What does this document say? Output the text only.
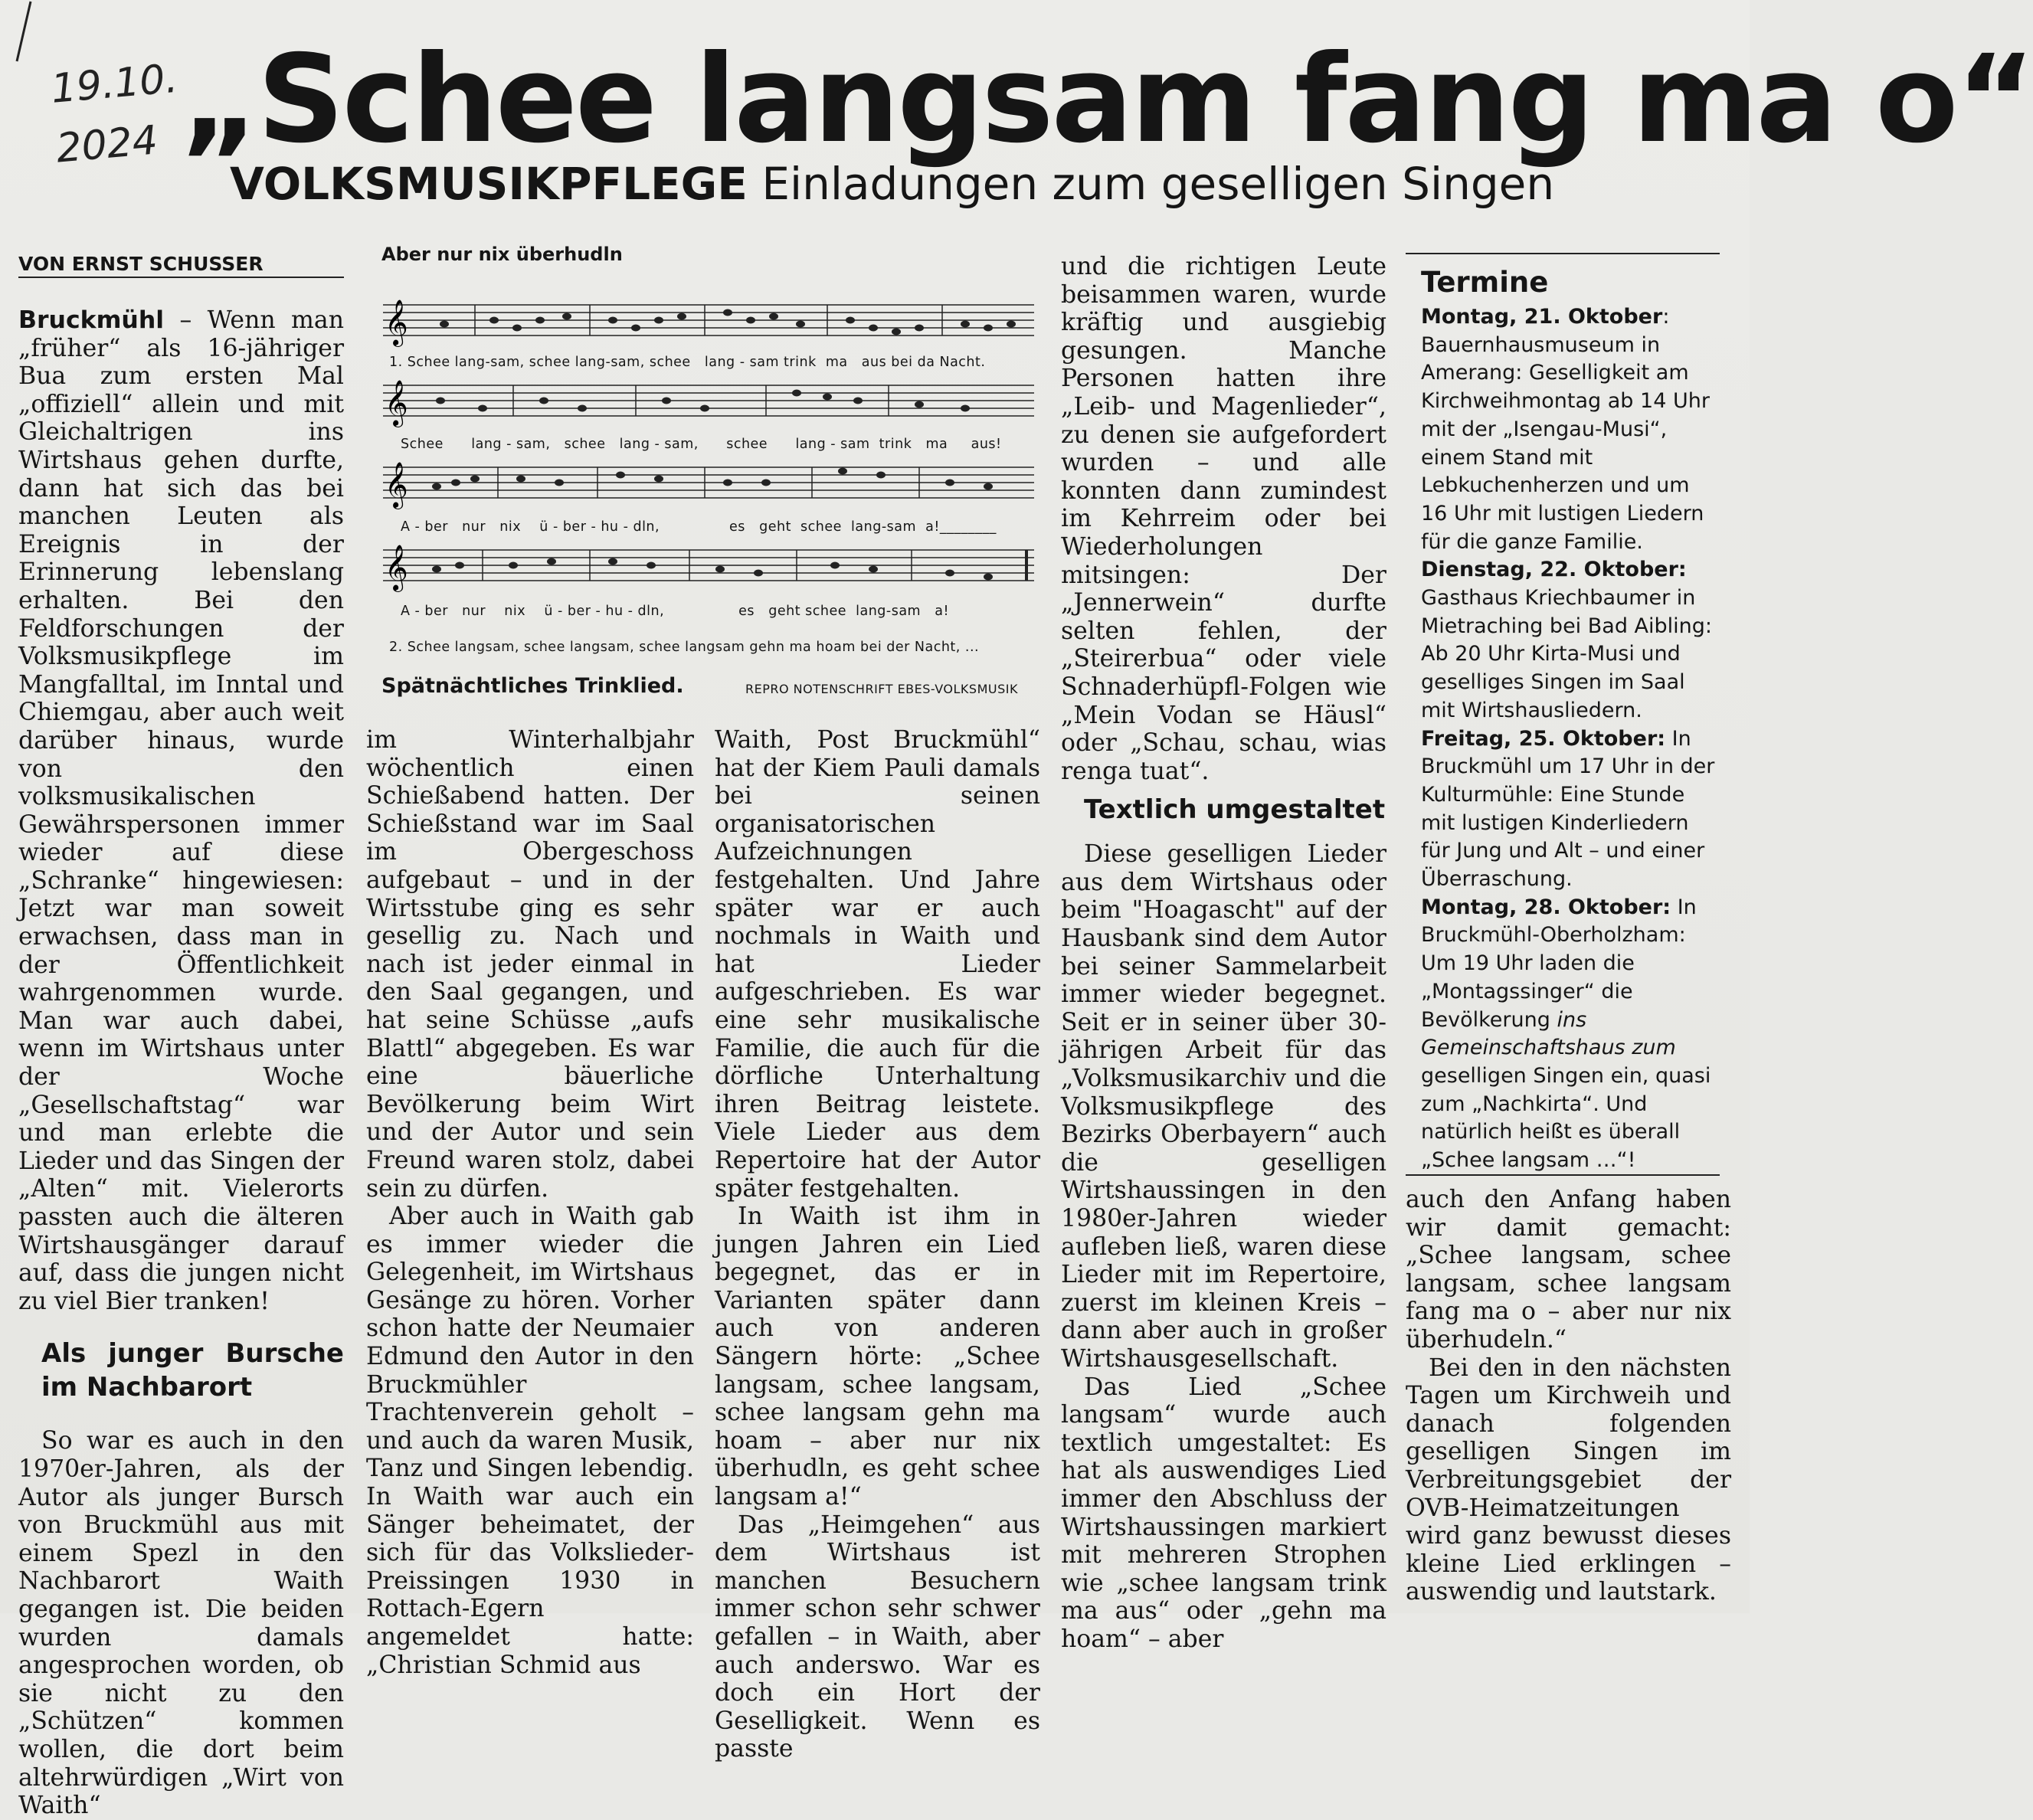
19.10.
2024 „Schee langsam fang ma o“
VOLKSMUSIKPFLEGE Einladungen zum geselligen Singen
VON ERNST SCHUSSER

Bruckmühl – Wenn man „früher“ als 16-jähriger Bua zum ersten Mal „offiziell“ allein und mit Gleichaltrigen ins Wirtshaus gehen durfte, dann hat sich das bei manchen Leuten als Ereignis in der Erinnerung lebenslang erhalten. Bei den Feldforschungen der Volksmusikpflege im Mangfalltal, im Inntal und Chiemgau, aber auch weit darüber hinaus, wurde von den volksmusikalischen Gewährspersonen immer wieder auf diese „Schranke“ hingewiesen: Jetzt war man soweit erwachsen, dass man in der Öffentlichkeit wahrgenommen wurde. Man war auch dabei, wenn im Wirtshaus unter der Woche „Gesellschaftstag“ war und man erlebte die Lieder und das Singen der „Alten“ mit. Vielerorts passten auch die älteren Wirtshausgänger darauf auf, dass die jungen nicht zu viel Bier tranken!

Als junger Bursche im Nachbarort

So war es auch in den 1970er-Jahren, als der Autor als junger Bursch von Bruckmühl aus mit einem Spezl in den Nachbarort Waith gegangen ist. Die beiden wurden damals angesprochen worden, ob sie nicht zu den „Schützen“ kommen wollen, die dort beim altehrwürdigen „Wirt von Waith“

Aber nur nix überhudln
𝄞
1. Schee lang-sam, schee lang-sam, schee   lang - sam trink  ma   aus bei da Nacht.
𝄞
Schee      lang - sam,   schee   lang - sam,      schee      lang - sam  trink   ma     aus!
𝄞
A - ber   nur   nix    ü - ber - hu - dln,               es   geht  schee  lang-sam  a!________
𝄞
A - ber   nur    nix    ü - ber - hu - dln,                es   geht schee  lang-sam   a!
2. Schee langsam, schee langsam, schee langsam gehn ma hoam bei der Nacht, ...
Spätnächtliches Trinklied.	REPRO NOTENSCHRIFT EBES-VOLKSMUSIK

im Winterhalbjahr wöchentlich einen Schießabend hatten. Der Schießstand war im Saal im Obergeschoss aufgebaut – und in der Wirtsstube ging es sehr gesellig zu. Nach und nach ist jeder einmal in den Saal gegangen, und hat seine Schüsse „aufs Blattl“ abgegeben. Es war eine bäuerliche Bevölkerung beim Wirt und der Autor und sein Freund waren stolz, dabei sein zu dürfen.

Aber auch in Waith gab es immer wieder die Gelegenheit, im Wirtshaus Gesänge zu hören. Vorher schon hatte der Neumaier Edmund den Autor in den Bruckmühler Trachtenverein geholt – und auch da waren Musik, Tanz und Singen lebendig. In Waith war auch ein Sänger beheimatet, der sich für das Volkslieder-Preissingen 1930 in Rottach-Egern angemeldet hatte: „Christian Schmid aus

Waith, Post Bruckmühl“ hat der Kiem Pauli damals bei seinen organisatorischen Aufzeichnungen festgehalten. Und Jahre später war er auch nochmals in Waith und hat Lieder aufgeschrieben. Es war eine sehr musikalische Familie, die auch für die dörfliche Unterhaltung ihren Beitrag leistete. Viele Lieder aus dem Repertoire hat der Autor später festgehalten.

In Waith ist ihm in jungen Jahren ein Lied begegnet, das er in Varianten später dann auch von anderen Sängern hörte: „Schee langsam, schee langsam, schee langsam gehn ma hoam – aber nur nix überhudln, es geht schee langsam a!“

Das „Heimgehen“ aus dem Wirtshaus ist manchen Besuchern immer schon sehr schwer gefallen – in Waith, aber auch anderswo. War es doch ein Hort der Geselligkeit. Wenn es passte

und die richtigen Leute beisammen waren, wurde kräftig und ausgiebig gesungen. Manche Personen hatten ihre „Leib- und Magenlieder“, zu denen sie aufgefordert wurden – und alle konnten dann zumindest im Kehrreim oder bei Wiederholungen mitsingen: Der „Jennerwein“ durfte selten fehlen, der „Steirerbua“ oder viele Schnaderhüpfl-Folgen wie „Mein Vodan se Häusl“ oder „Schau, schau, wias renga tuat“.

Textlich umgestaltet

Diese geselligen Lieder aus dem Wirtshaus oder beim "Hoagascht" auf der Hausbank sind dem Autor bei seiner Sammelarbeit immer wieder begegnet. Seit er in seiner über 30-jährigen Arbeit für das „Volksmusikarchiv und die Volksmusikpflege des Bezirks Oberbayern“ auch die geselligen Wirtshaussingen in den 1980er-Jahren wieder aufleben ließ, waren diese Lieder mit im Repertoire, zuerst im kleinen Kreis – dann aber auch in großer Wirtshausgesellschaft.

Das Lied „Schee langsam“ wurde auch textlich umgestaltet: Es hat als auswendiges Lied immer den Abschluss der Wirtshaussingen markiert mit mehreren Strophen wie „schee langsam trink ma aus“ oder „gehn ma hoam“ – aber

Termine
Montag, 21. Oktober: Bauernhausmuseum in Amerang: Geselligkeit am Kirchweihmontag ab 14 Uhr mit der „Isengau-Musi“, einem Stand mit Lebkuchenherzen und um 16 Uhr mit lustigen Liedern für die ganze Familie.
Dienstag, 22. Oktober: Gasthaus Kriechbaumer in Mietraching bei Bad Aibling: Ab 20 Uhr Kirta-Musi und geselliges Singen im Saal mit Wirtshausliedern.
Freitag, 25. Oktober: In Bruckmühl um 17 Uhr in der Kulturmühle: Eine Stunde mit lustigen Kinderliedern für Jung und Alt – und einer Überraschung.
Montag, 28. Oktober: In Bruckmühl-Oberholzham: Um 19 Uhr laden die „Montagssinger“ die Bevölkerung ins Gemeinschaftshaus zum geselligen Singen ein, quasi zum „Nachkirta“. Und natürlich heißt es überall „Schee langsam …“!

auch den Anfang haben wir damit gemacht: „Schee langsam, schee langsam, schee langsam fang ma o – aber nur nix überhudeln.“

Bei den in den nächsten Tagen um Kirchweih und danach folgenden geselligen Singen im Verbreitungsgebiet der OVB-Heimatzeitungen wird ganz bewusst dieses kleine Lied erklingen – auswendig und lautstark.
